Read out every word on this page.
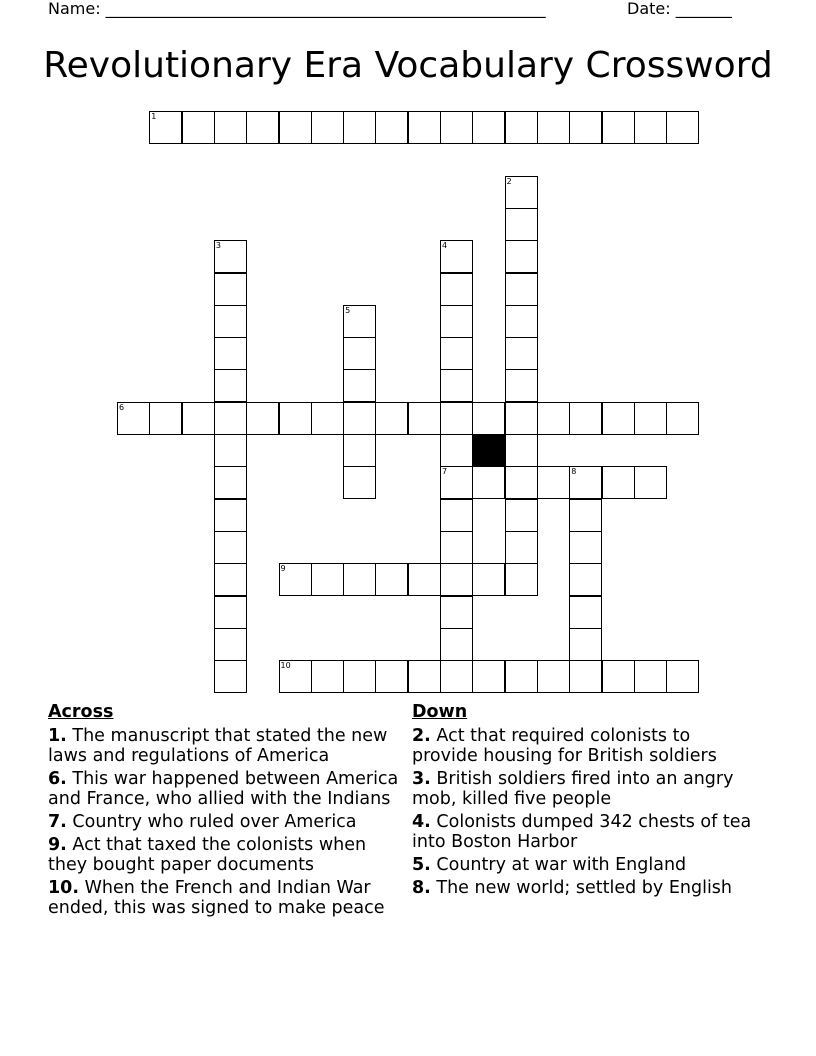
Name: _______________________________________________________	Date: _______
Revolutionary Era Vocabulary Crossword
1
2
3	4
7
5
6
8
9
10
Across
1. The manuscript that stated the new laws and regulations of America
6. This war happened between America and France, who allied with the Indians
7. Country who ruled over America
9. Act that taxed the colonists when they bought paper documents
10. When the French and Indian War ended, this was signed to make peace
Down
2. Act that required colonists to provide housing for British soldiers
3. British soldiers fired into an angry mob, killed five people
4. Colonists dumped 342 chests of tea into Boston Harbor
5. Country at war with England
8. The new world; settled by English
